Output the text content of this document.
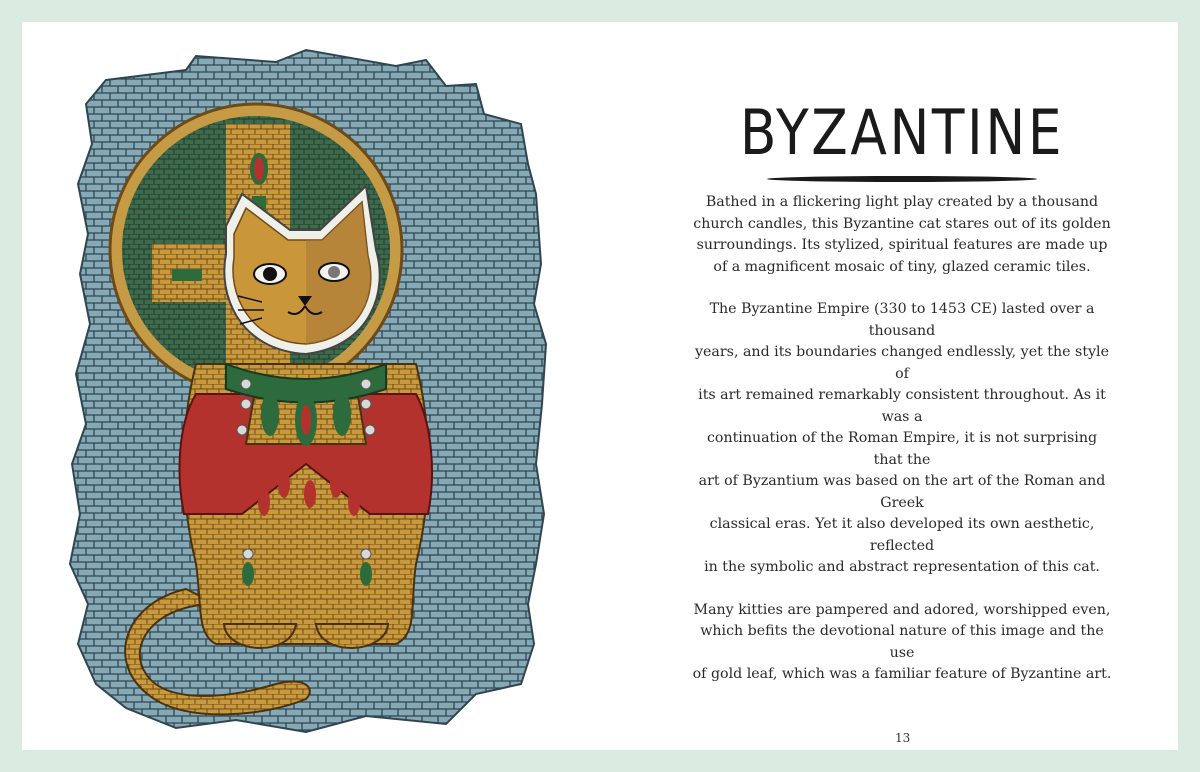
BYZANTINE

Bathed in a flickering light play created by a thousand
church candles, this Byzantine cat stares out of its golden
surroundings. Its stylized, spiritual features are made up
of a magnificent mosaic of tiny, glazed ceramic tiles.

The Byzantine Empire (330 to 1453 CE) lasted over a thousand
years, and its boundaries changed endlessly, yet the style of
its art remained remarkably consistent throughout. As it was a
continuation of the Roman Empire, it is not surprising that the
art of Byzantium was based on the art of the Roman and Greek
classical eras. Yet it also developed its own aesthetic, reflected
in the symbolic and abstract representation of this cat.

Many kitties are pampered and adored, worshipped even,
which befits the devotional nature of this image and the use
of gold leaf, which was a familiar feature of Byzantine art.

13
